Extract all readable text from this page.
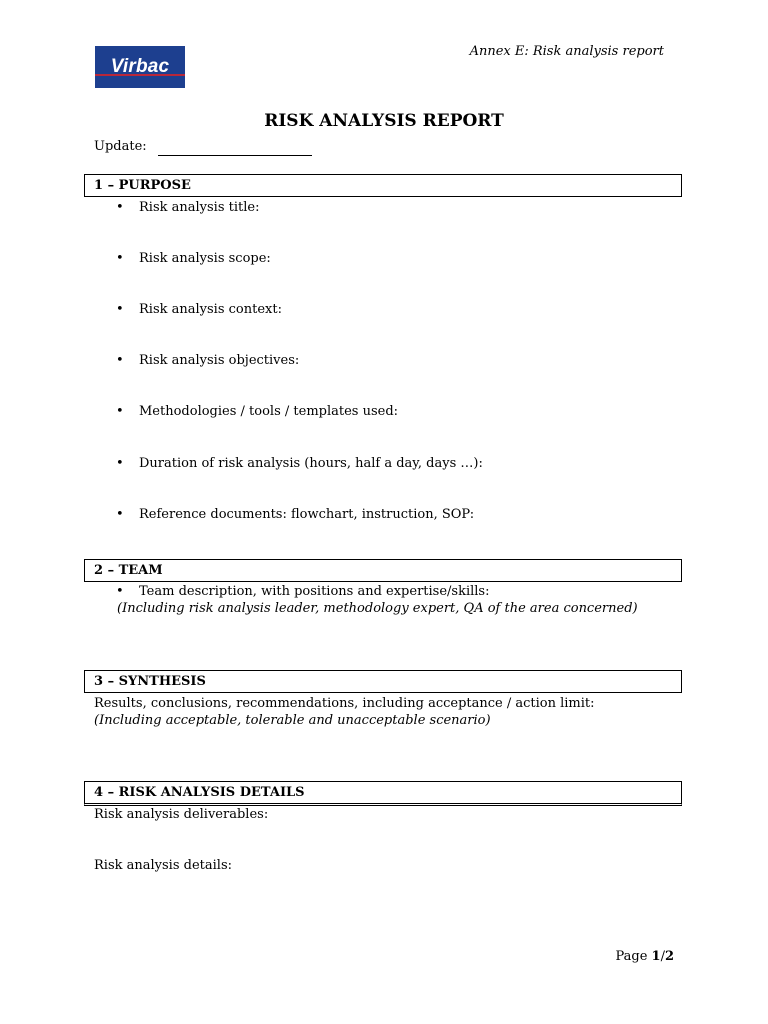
Virbac
Annex E: Risk analysis report
RISK ANALYSIS REPORT
Update:
1 – PURPOSE
•	Risk analysis title:
•	Risk analysis scope:
•	Risk analysis context:
•	Risk analysis objectives:
•	Methodologies / tools / templates used:
•	Duration of risk analysis (hours, half a day, days …):
•	Reference documents: flowchart, instruction, SOP:
2 – TEAM
•	Team description, with positions and expertise/skills:
(Including risk analysis leader, methodology expert, QA of the area concerned)
3 – SYNTHESIS
Results, conclusions, recommendations, including acceptance / action limit:
(Including acceptable, tolerable and unacceptable scenario)
4 – RISK ANALYSIS DETAILS
Risk analysis deliverables:
Risk analysis details:
Page 1/2
